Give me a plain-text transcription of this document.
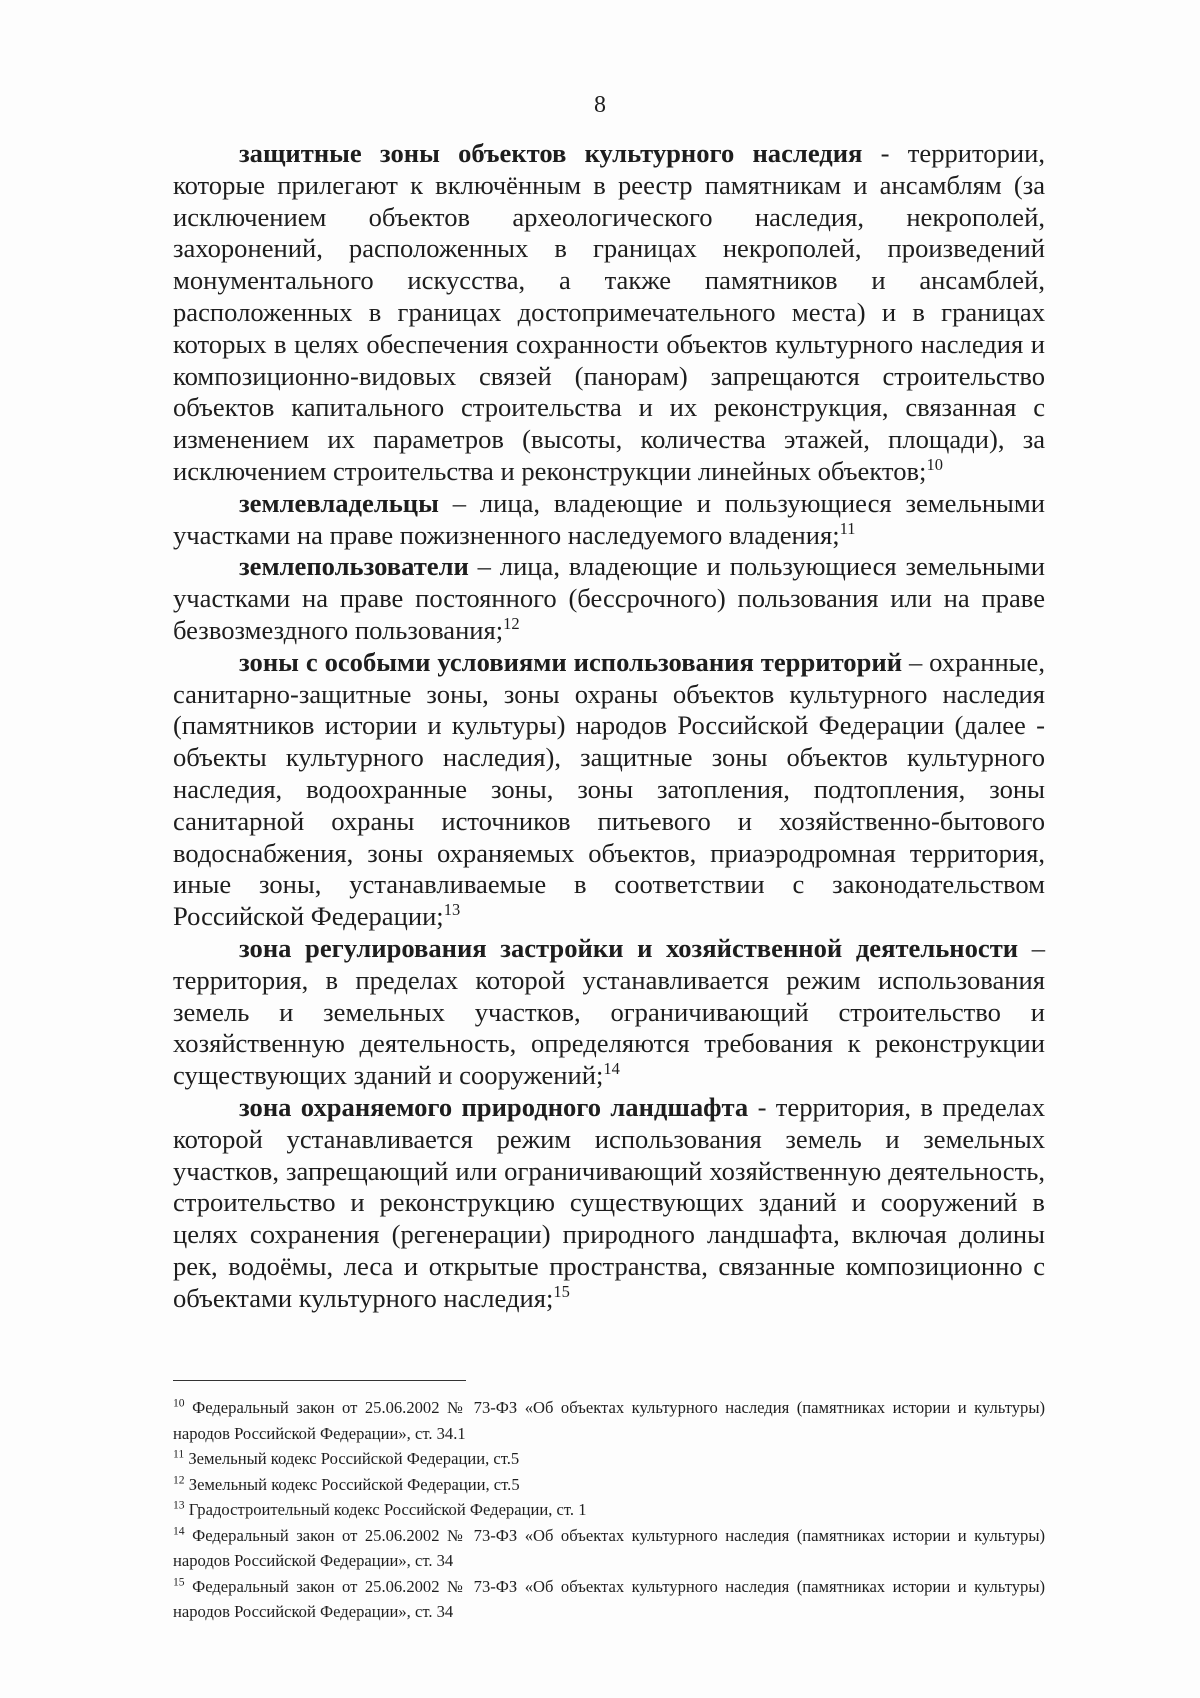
8

защитные зоны объектов культурного наследия - территории, которые прилегают к включённым в реестр памятникам и ансамблям (за исключением объектов археологического наследия, некрополей, захоронений, расположенных в границах некрополей, произведений монументального искусства, а также памятников и ансамблей, расположенных в границах достопримечательного места) и в границах которых в целях обеспечения сохранности объектов культурного наследия и композиционно-видовых связей (панорам) запрещаются строительство объектов капитального строительства и их реконструкция, связанная с изменением их параметров (высоты, количества этажей, площади), за исключением строительства и реконструкции линейных объектов;$^{10}$

землевладельцы – лица, владеющие и пользующиеся земельными участками на праве пожизненного наследуемого владения;$^{11}$

землепользователи – лица, владеющие и пользующиеся земельными участками на праве постоянного (бессрочного) пользования или на праве безвозмездного пользования;$^{12}$

зоны с особыми условиями использования территорий – охранные, санитарно-защитные зоны, зоны охраны объектов культурного наследия (памятников истории и культуры) народов Российской Федерации (далее - объекты культурного наследия), защитные зоны объектов культурного наследия, водоохранные зоны, зоны затопления, подтопления, зоны санитарной охраны источников питьевого и хозяйственно-бытового водоснабжения, зоны охраняемых объектов, приаэродромная территория, иные зоны, устанавливаемые в соответствии с законодательством Российской Федерации;$^{13}$

зона регулирования застройки и хозяйственной деятельности – территория, в пределах которой устанавливается режим использования земель и земельных участков, ограничивающий строительство и хозяйственную деятельность, определяются требования к реконструкции существующих зданий и сооружений;$^{14}$

зона охраняемого природного ландшафта - территория, в пределах которой устанавливается режим использования земель и земельных участков, запрещающий или ограничивающий хозяйственную деятельность, строительство и реконструкцию существующих зданий и сооружений в целях сохранения (регенерации) природного ландшафта, включая долины рек, водоёмы, леса и открытые пространства, связанные композиционно с объектами культурного наследия;$^{15}$

$^{10}$ Федеральный закон от 25.06.2002 № 73-ФЗ «Об объектах культурного наследия (памятниках истории и культуры) народов Российской Федерации», ст. 34.1

$^{11}$ Земельный кодекс Российской Федерации, ст.5

$^{12}$ Земельный кодекс Российской Федерации, ст.5

$^{13}$ Градостроительный кодекс Российской Федерации, ст. 1

$^{14}$ Федеральный закон от 25.06.2002 № 73-ФЗ «Об объектах культурного наследия (памятниках истории и культуры) народов Российской Федерации», ст. 34

$^{15}$ Федеральный закон от 25.06.2002 № 73-ФЗ «Об объектах культурного наследия (памятниках истории и культуры) народов Российской Федерации», ст. 34
